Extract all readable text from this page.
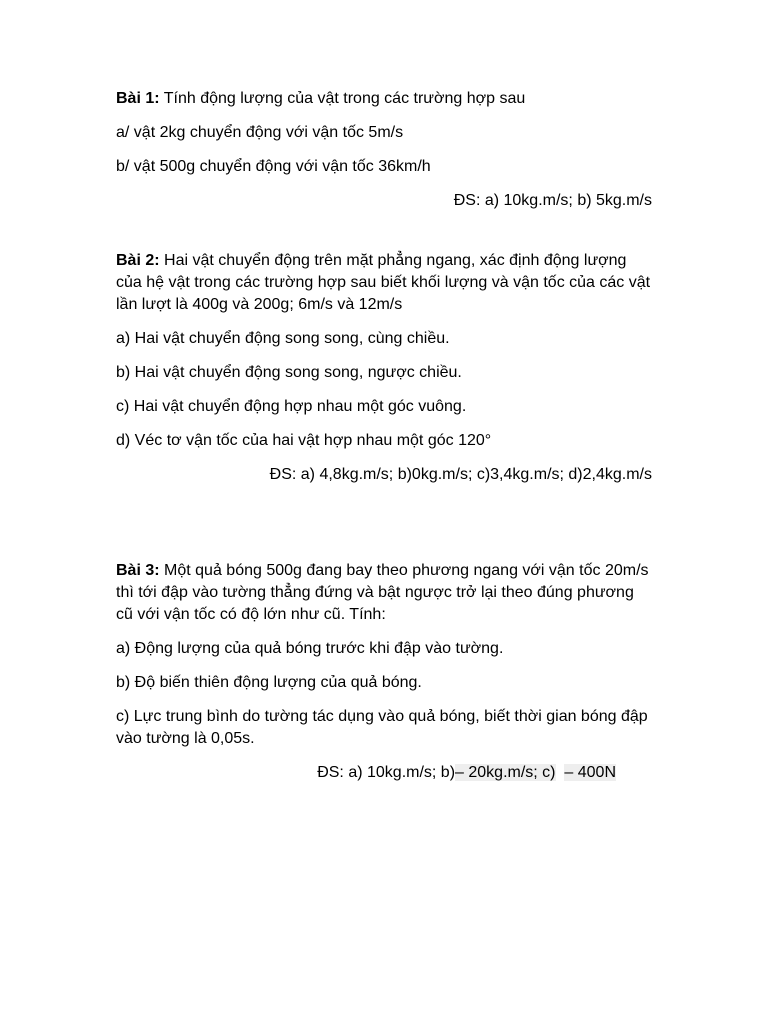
Bài 1: Tính động lượng của vật trong các trường hợp sau

a/ vật 2kg chuyển động với vận tốc 5m/s

b/ vật 500g chuyển động với vận tốc 36km/h

ĐS: a) 10kg.m/s; b) 5kg.m/s

Bài 2: Hai vật chuyển động trên mặt phẳng ngang, xác định động lượng của hệ vật trong các trường hợp sau biết khối lượng và vận tốc của các vật lần lượt là 400g và 200g; 6m/s và 12m/s

a) Hai vật chuyển động song song, cùng chiều.

b) Hai vật chuyển động song song, ngược chiều.

c) Hai vật chuyển động hợp nhau một góc vuông.

d) Véc tơ vận tốc của hai vật hợp nhau một góc 120°

ĐS: a) 4,8kg.m/s; b)0kg.m/s; c)3,4kg.m/s; d)2,4kg.m/s

Bài 3: Một quả bóng 500g đang bay theo phương ngang với vận tốc 20m/s thì tới đập vào tường thẳng đứng và bật ngược trở lại theo đúng phương cũ với vận tốc có độ lớn như cũ. Tính:

a) Động lượng của quả bóng trước khi đập vào tường.

b) Độ biến thiên động lượng của quả bóng.

c) Lực trung bình do tường tác dụng vào quả bóng, biết thời gian bóng đập vào tường là 0,05s.

ĐS: a) 10kg.m/s; b)– 20kg.m/s; c) – 400N
